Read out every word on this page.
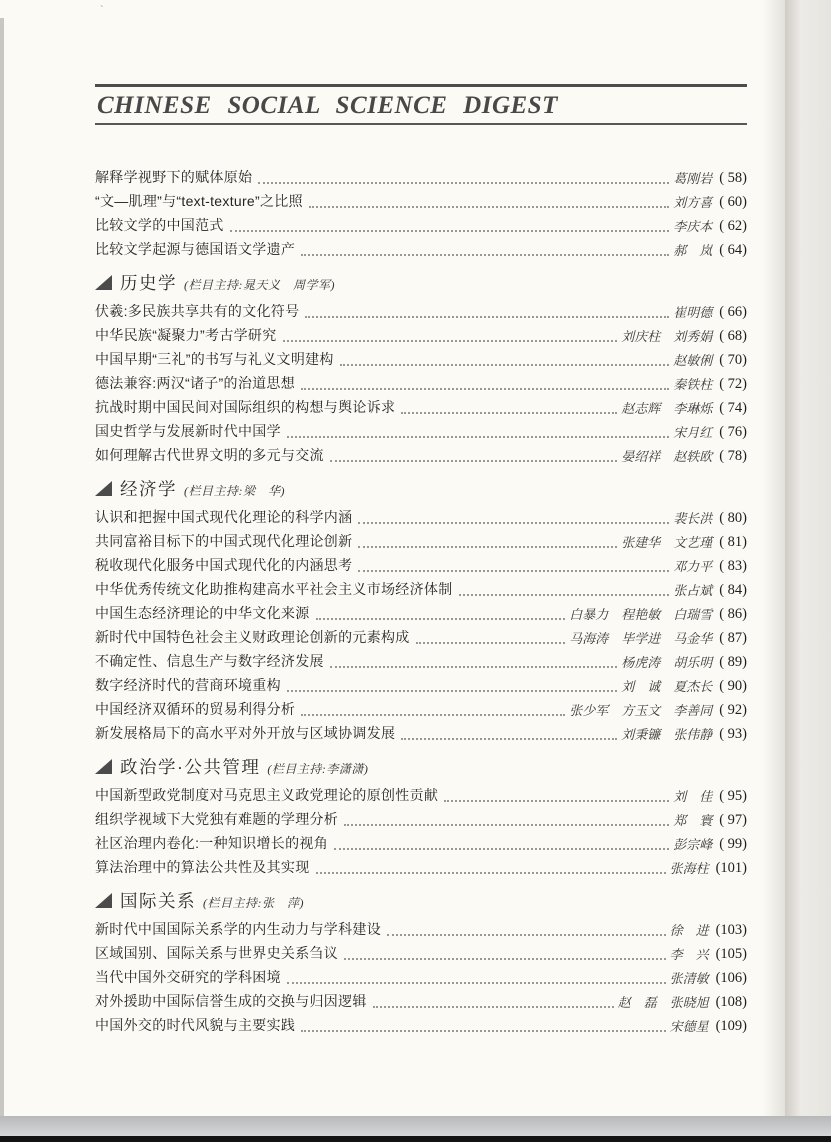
`
CHINESE SOCIAL SCIENCE DIGEST
解释学视野下的赋体原始	葛刚岩 ( 58)
“文—肌理”与“text-texture”之比照	刘方喜 ( 60)
比较文学的中国范式	李庆本 ( 62)
比较文学起源与德国语文学遗产	郝　岚 ( 64)
历史学 (栏目主持:晁天义　周学军)
伏羲:多民族共享共有的文化符号	崔明德 ( 66)
中华民族“凝聚力”考古学研究	刘庆柱　刘秀娟 ( 68)
中国早期“三礼”的书写与礼义文明建构	赵敏俐 ( 70)
德法兼容:两汉“诸子”的治道思想	秦铁柱 ( 72)
抗战时期中国民间对国际组织的构想与舆论诉求	赵志辉　李琳烁 ( 74)
国史哲学与发展新时代中国学	宋月红 ( 76)
如何理解古代世界文明的多元与交流	晏绍祥　赵轶欧 ( 78)
经济学 (栏目主持:梁　华)
认识和把握中国式现代化理论的科学内涵	裴长洪 ( 80)
共同富裕目标下的中国式现代化理论创新	张建华　文艺瑾 ( 81)
税收现代化服务中国式现代化的内涵思考	邓力平 ( 83)
中华优秀传统文化助推构建高水平社会主义市场经济体制	张占斌 ( 84)
中国生态经济理论的中华文化来源	白暴力　程艳敏　白瑞雪 ( 86)
新时代中国特色社会主义财政理论创新的元素构成	马海涛　毕学进　马金华 ( 87)
不确定性、信息生产与数字经济发展	杨虎涛　胡乐明 ( 89)
数字经济时代的营商环境重构	刘　诚　夏杰长 ( 90)
中国经济双循环的贸易利得分析	张少军　方玉文　李善同 ( 92)
新发展格局下的高水平对外开放与区域协调发展	刘秉镰　张伟静 ( 93)
政治学·公共管理 (栏目主持:李潇潇)
中国新型政党制度对马克思主义政党理论的原创性贡献	刘　佳 ( 95)
组织学视域下大党独有难题的学理分析	郑　寰 ( 97)
社区治理内卷化:一种知识增长的视角	彭宗峰 ( 99)
算法治理中的算法公共性及其实现	张海柱 (101)
国际关系 (栏目主持:张　萍)
新时代中国国际关系学的内生动力与学科建设	徐　进 (103)
区域国别、国际关系与世界史关系刍议	李　兴 (105)
当代中国外交研究的学科困境	张清敏 (106)
对外援助中国际信誉生成的交换与归因逻辑	赵　磊　张晓旭 (108)
中国外交的时代风貌与主要实践	宋德星 (109)
